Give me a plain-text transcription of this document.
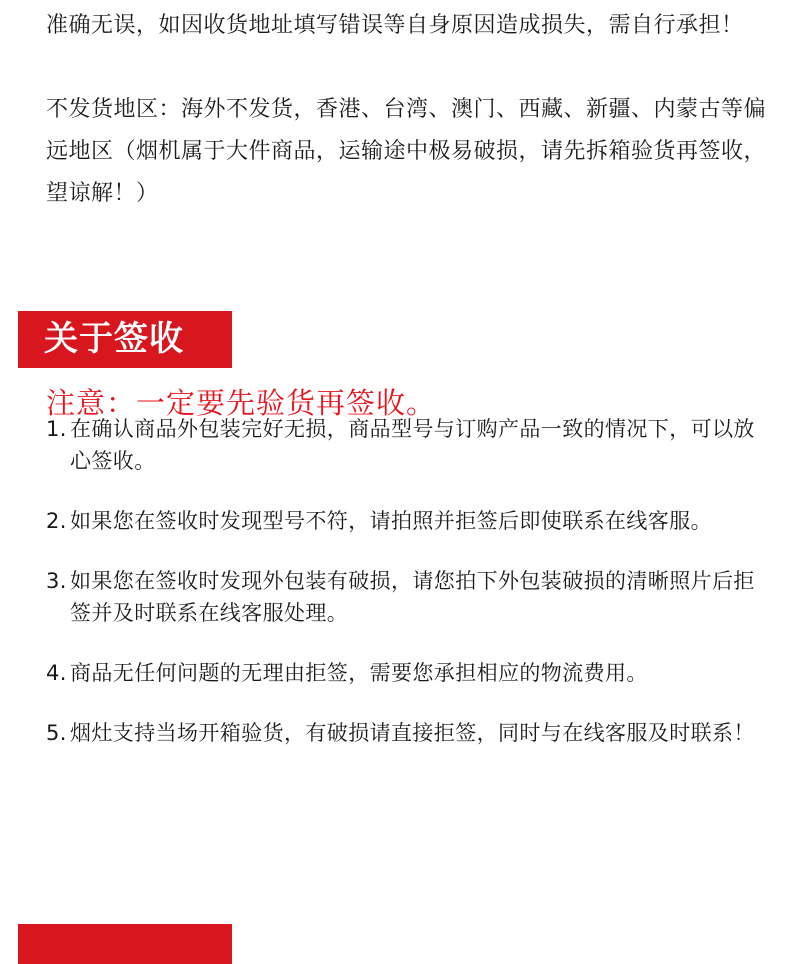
准确无误，如因收货地址填写错误等自身原因造成损失，需自行承担！

不发货地区：海外不发货，香港、台湾、澳门、西藏、新疆、内蒙古等偏远地区（烟机属于大件商品，运输途中极易破损，请先拆箱验货再签收，望谅解！）

关于签收

注意：一定要先验货再签收。

1. 在确认商品外包装完好无损，商品型号与订购产品一致的情况下，可以放心签收。
2. 如果您在签收时发现型号不符，请拍照并拒签后即使联系在线客服。
3. 如果您在签收时发现外包装有破损，请您拍下外包装破损的清晰照片后拒签并及时联系在线客服处理。
4. 商品无任何问题的无理由拒签，需要您承担相应的物流费用。
5. 烟灶支持当场开箱验货，有破损请直接拒签，同时与在线客服及时联系！
